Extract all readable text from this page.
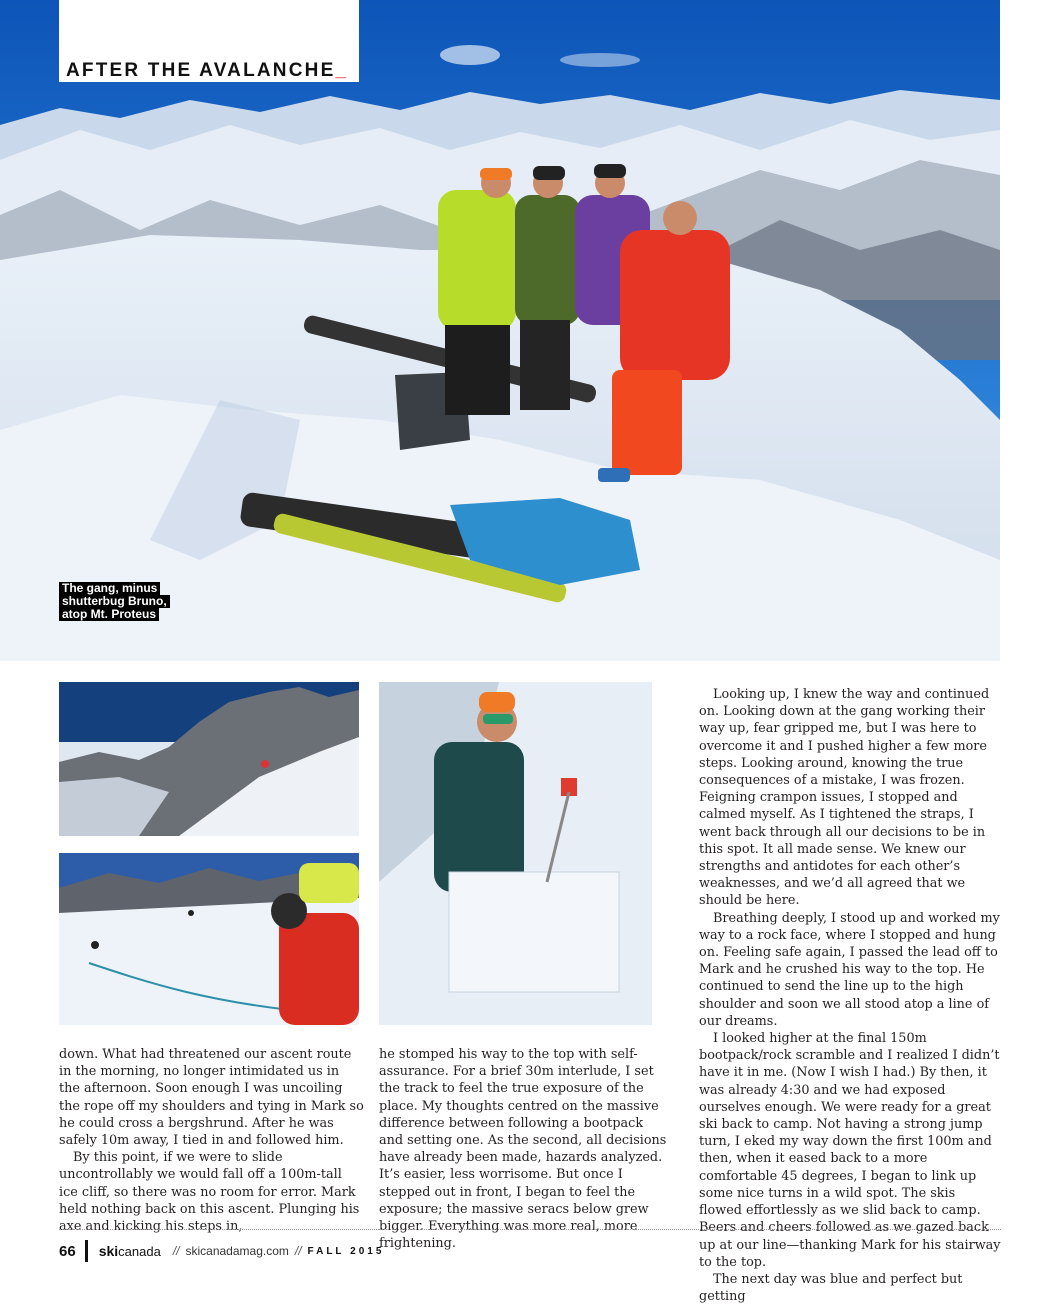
AFTER THE AVALANCHE_
The gang, minus
shutterbug Bruno,
atop Mt. Proteus

down. What had threatened our ascent route in the morning, no longer intimidated us in the afternoon. Soon enough I was uncoiling the rope off my shoulders and tying in Mark so he could cross a bergshrund. After he was safely 10m away, I tied in and followed him.

By this point, if we were to slide uncontrollably we would fall off a 100m-tall ice cliff, so there was no room for error. Mark held nothing back on this ascent. Plunging his axe and kicking his steps in,

he stomped his way to the top with self-assurance. For a brief 30m interlude, I set the track to feel the true exposure of the place. My thoughts centred on the massive difference between following a bootpack and setting one. As the second, all decisions have already been made, hazards analyzed. It’s easier, less worrisome. But once I stepped out in front, I began to feel the exposure; the massive seracs below grew bigger. Everything was more real, more frightening.

Looking up, I knew the way and continued on. Looking down at the gang working their way up, fear gripped me, but I was here to overcome it and I pushed higher a few more steps. Looking around, knowing the true consequences of a mistake, I was frozen. Feigning crampon issues, I stopped and calmed myself. As I tightened the straps, I went back through all our decisions to be in this spot. It all made sense. We knew our strengths and antidotes for each other’s weaknesses, and we’d all agreed that we should be here.

Breathing deeply, I stood up and worked my way to a rock face, where I stopped and hung on. Feeling safe again, I passed the lead off to Mark and he crushed his way to the top. He continued to send the line up to the high shoulder and soon we all stood atop a line of our dreams.

I looked higher at the final 150m bootpack/rock scramble and I realized I didn’t have it in me. (Now I wish I had.) By then, it was already 4:30 and we had exposed ourselves enough. We were ready for a great ski back to camp. Not having a strong jump turn, I eked my way down the first 100m and then, when it eased back to a more comfortable 45 degrees, I began to link up some nice turns in a wild spot. The skis flowed effortlessly as we slid back to camp. Beers and cheers followed as we gazed back up at our line—thanking Mark for his stairway to the top.

The next day was blue and perfect but getting

66 ski canada // skicanadamag.com // FALL 2015
